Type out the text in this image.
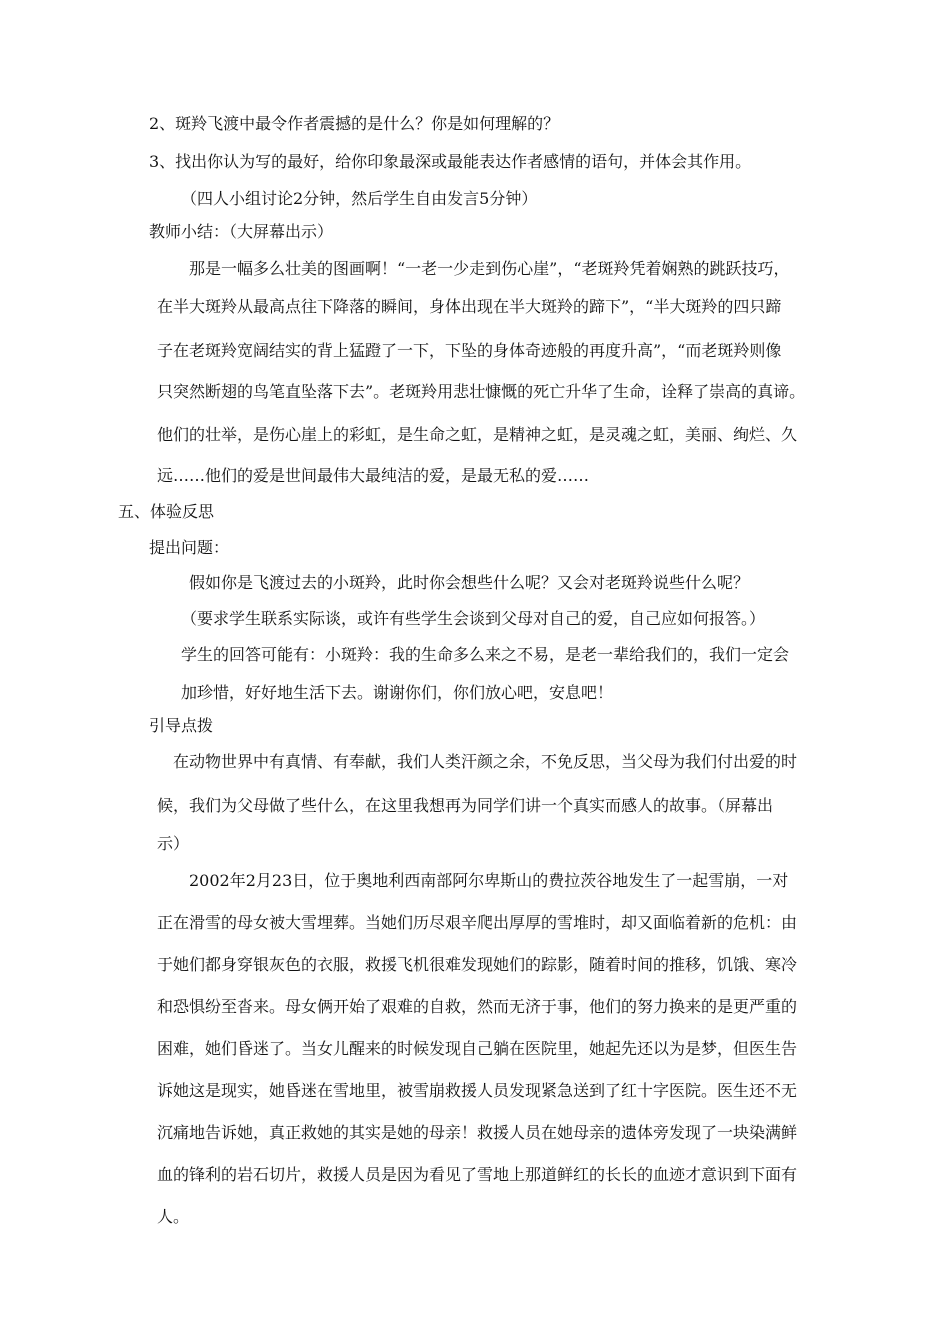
2、斑羚飞渡中最令作者震撼的是什么？你是如何理解的？
3、找出你认为写的最好，给你印象最深或最能表达作者感情的语句，并体会其作用。
（四人小组讨论2分钟，然后学生自由发言5分钟）
教师小结：（大屏幕出示）
那是一幅多么壮美的图画啊！“一老一少走到伤心崖”，“老斑羚凭着娴熟的跳跃技巧，
在半大斑羚从最高点往下降落的瞬间，身体出现在半大斑羚的蹄下”，“半大斑羚的四只蹄
子在老斑羚宽阔结实的背上猛蹬了一下，下坠的身体奇迹般的再度升高”，“而老斑羚则像
只突然断翅的鸟笔直坠落下去”。老斑羚用悲壮慷慨的死亡升华了生命，诠释了崇高的真谛。
他们的壮举，是伤心崖上的彩虹，是生命之虹，是精神之虹，是灵魂之虹，美丽、绚烂、久
远……他们的爱是世间最伟大最纯洁的爱，是最无私的爱……
五、体验反思
提出问题：
假如你是飞渡过去的小斑羚，此时你会想些什么呢？又会对老斑羚说些什么呢？
（要求学生联系实际谈，或许有些学生会谈到父母对自己的爱，自己应如何报答。）
学生的回答可能有：小斑羚：我的生命多么来之不易，是老一辈给我们的，我们一定会
加珍惜，好好地生活下去。谢谢你们，你们放心吧，安息吧！
引导点拨
在动物世界中有真情、有奉献，我们人类汗颜之余，不免反思，当父母为我们付出爱的时
候，我们为父母做了些什么，在这里我想再为同学们讲一个真实而感人的故事。（屏幕出
示）
2002年2月23日，位于奥地利西南部阿尔卑斯山的费拉茨谷地发生了一起雪崩，一对
正在滑雪的母女被大雪埋葬。当她们历尽艰辛爬出厚厚的雪堆时，却又面临着新的危机：由
于她们都身穿银灰色的衣服，救援飞机很难发现她们的踪影，随着时间的推移，饥饿、寒冷
和恐惧纷至沓来。母女俩开始了艰难的自救，然而无济于事，他们的努力换来的是更严重的
困难，她们昏迷了。当女儿醒来的时候发现自己躺在医院里，她起先还以为是梦，但医生告
诉她这是现实，她昏迷在雪地里，被雪崩救援人员发现紧急送到了红十字医院。医生还不无
沉痛地告诉她，真正救她的其实是她的母亲！救援人员在她母亲的遗体旁发现了一块染满鲜
血的锋利的岩石切片，救援人员是因为看见了雪地上那道鲜红的长长的血迹才意识到下面有
人。
